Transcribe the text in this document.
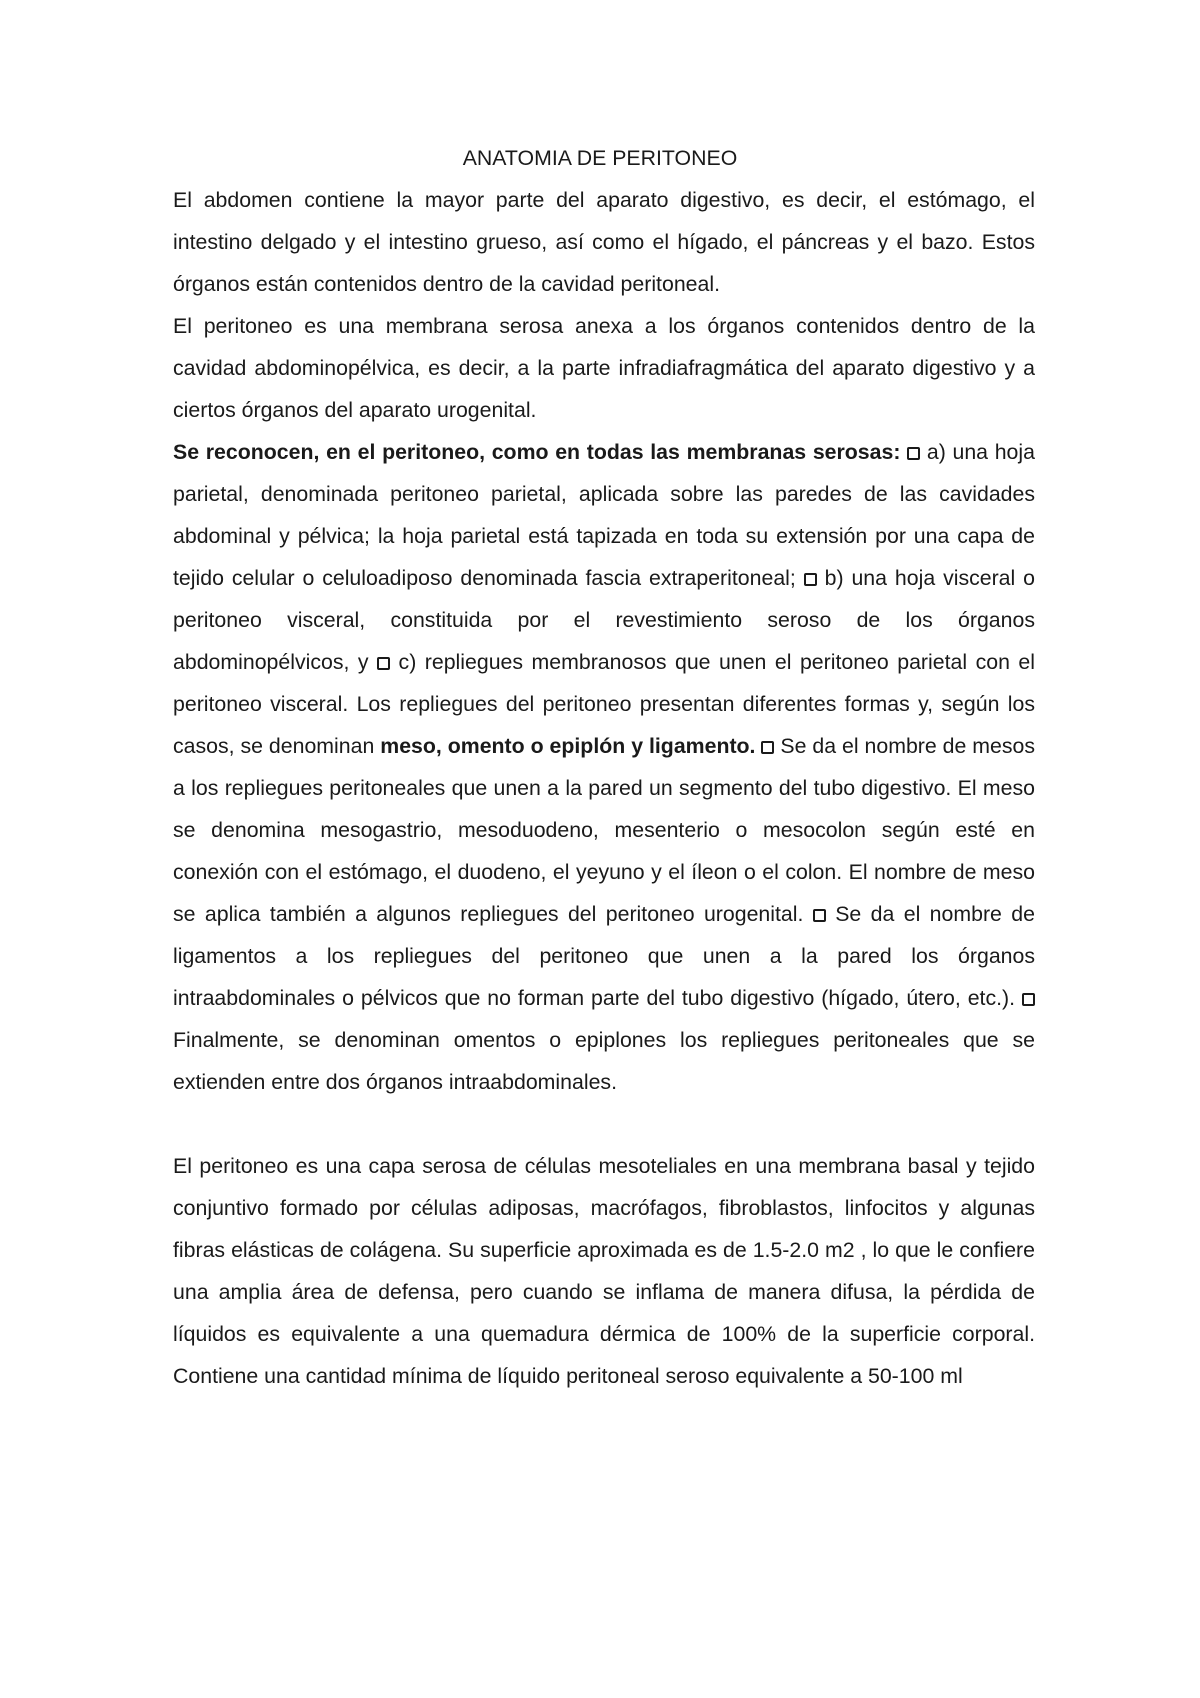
ANATOMIA DE PERITONEO

El abdomen contiene la mayor parte del aparato digestivo, es decir, el estómago, el intestino delgado y el intestino grueso, así como el hígado, el páncreas y el bazo. Estos órganos están contenidos dentro de la cavidad peritoneal.

El peritoneo es una membrana serosa anexa a los órganos contenidos dentro de la cavidad abdominopélvica, es decir, a la parte infradiafragmática del aparato digestivo y a ciertos órganos del aparato urogenital.

Se reconocen, en el peritoneo, como en todas las membranas serosas: a) una hoja parietal, denominada peritoneo parietal, aplicada sobre las paredes de las cavidades abdominal y pélvica; la hoja parietal está tapizada en toda su extensión por una capa de tejido celular o celuloadiposo denominada fascia extraperitoneal; b) una hoja visceral o peritoneo visceral, constituida por el revestimiento seroso de los órganos abdominopélvicos, y c) repliegues membranosos que unen el peritoneo parietal con el peritoneo visceral. Los repliegues del peritoneo presentan diferentes formas y, según los casos, se denominan meso, omento o epiplón y ligamento. Se da el nombre de mesos a los repliegues peritoneales que unen a la pared un segmento del tubo digestivo. El meso se denomina mesogastrio, mesoduodeno, mesenterio o mesocolon según esté en conexión con el estómago, el duodeno, el yeyuno y el íleon o el colon. El nombre de meso se aplica también a algunos repliegues del peritoneo urogenital. Se da el nombre de ligamentos a los repliegues del peritoneo que unen a la pared los órganos intraabdominales o pélvicos que no forman parte del tubo digestivo (hígado, útero, etc.).  Finalmente, se denominan omentos o epiplones los repliegues peritoneales que se extienden entre dos órganos intraabdominales.

El peritoneo es una capa serosa de células mesoteliales en una membrana basal y tejido conjuntivo formado por células adiposas, macrófagos, fibroblastos, linfocitos y algunas fibras elásticas de colágena. Su superficie aproximada es de 1.5-2.0 m2 , lo que le confiere una amplia área de defensa, pero cuando se inflama de manera difusa, la pérdida de líquidos es equivalente a una quemadura dérmica de 100% de la superficie corporal. Contiene una cantidad mínima de líquido peritoneal seroso equivalente a 50-100 ml
